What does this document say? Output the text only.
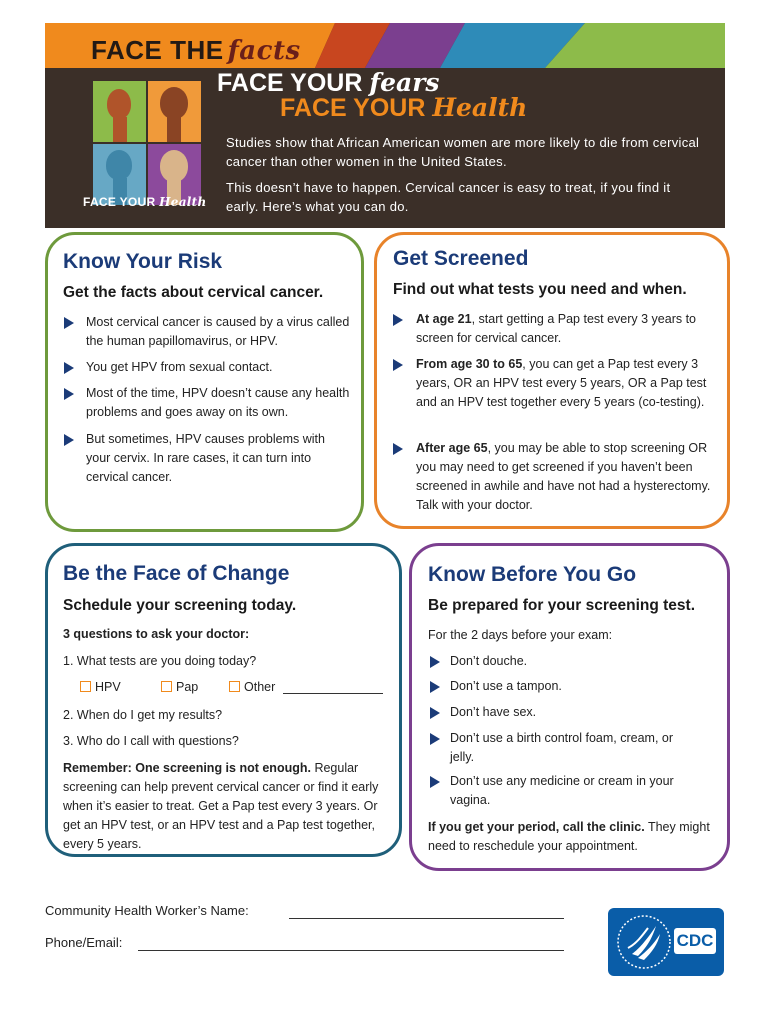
FACE THE facts
FACE YOUR fears
FACE YOUR Health
FACE YOUR Health
Studies show that African American women are more likely to die from cervical cancer than other women in the United States.
This doesn’t have to happen. Cervical cancer is easy to treat, if you find it early. Here’s what you can do.
Know Your Risk
Get the facts about cervical cancer.
Most cervical cancer is caused by a virus called the human papillomavirus, or HPV.
You get HPV from sexual contact.
Most of the time, HPV doesn’t cause any health problems and goes away on its own.
But sometimes, HPV causes problems with your cervix. In rare cases, it can turn into cervical cancer.
Get Screened
Find out what tests you need and when.
At age 21, start getting a Pap test every 3 years to screen for cervical cancer.
From age 30 to 65, you can get a Pap test every 3 years, OR an HPV test every 5 years, OR a Pap test and an HPV test together every 5 years (co-testing).
After age 65, you may be able to stop screening OR you may need to get screened if you haven’t been screened in awhile and have not had a hysterectomy. Talk with your doctor.
Be the Face of Change
Schedule your screening today.
3 questions to ask your doctor:
1. What tests are you doing today?
HPV	Pap	Other
2. When do I get my results?
3. Who do I call with questions?
Remember: One screening is not enough. Regular screening can help prevent cervical cancer or find it early when it’s easier to treat. Get a Pap test every 3 years. Or get an HPV test, or an HPV test and a Pap test together, every 5 years.
Know Before You Go
Be prepared for your screening test.
For the 2 days before your exam:
Don’t douche.
Don’t use a tampon.
Don’t have sex.
Don’t use a birth control foam, cream, or jelly.
Don’t use any medicine or cream in your vagina.
If you get your period, call the clinic. They might need to reschedule your appointment.
Community Health Worker’s Name:
Phone/Email:	CDC
